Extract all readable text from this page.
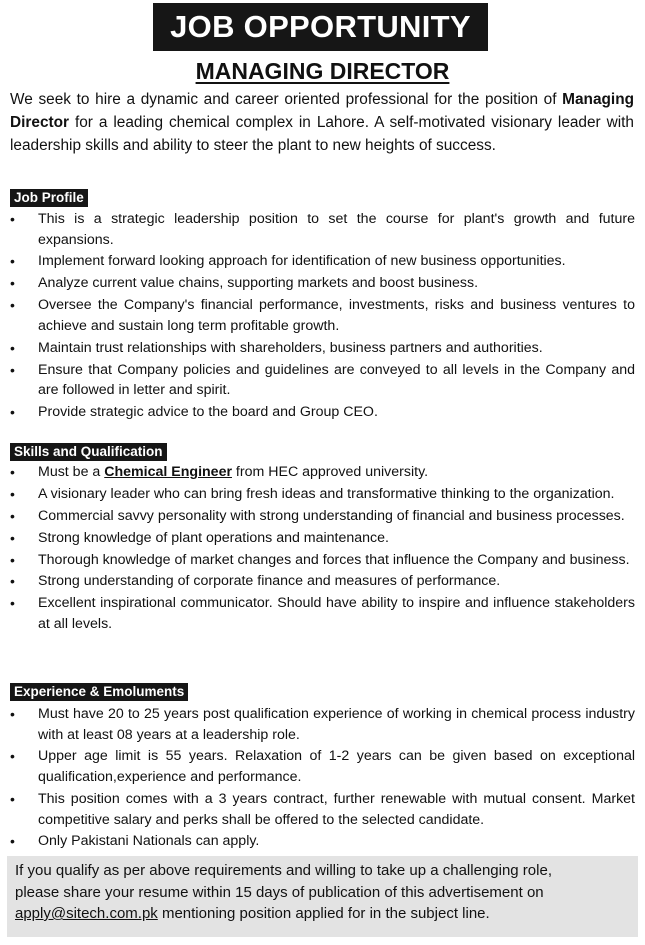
JOB OPPORTUNITY
MANAGING DIRECTOR

We seek to hire a dynamic and career oriented professional for the position of Managing Director for a leading chemical complex in Lahore. A self-motivated visionary leader with leadership skills and ability to steer the plant to new heights of success.

Job Profile
• This is a strategic leadership position to set the course for plant's growth and future expansions.
• Implement forward looking approach for identification of new business opportunities.
• Analyze current value chains, supporting markets and boost business.
• Oversee the Company's financial performance, investments, risks and business ventures to achieve and sustain long term profitable growth.
• Maintain trust relationships with shareholders, business partners and authorities.
• Ensure that Company policies and guidelines are conveyed to all levels in the Company and are followed in letter and spirit.
• Provide strategic advice to the board and Group CEO.
Skills and Qualification
• Must be a Chemical Engineer from HEC approved university.
• A visionary leader who can bring fresh ideas and transformative thinking to the organization.
• Commercial savvy personality with strong understanding of financial and business processes.
• Strong knowledge of plant operations and maintenance.
• Thorough knowledge of market changes and forces that influence the Company and business.
• Strong understanding of corporate finance and measures of performance.
• Excellent inspirational communicator. Should have ability to inspire and influence stakeholders at all levels.
Experience & Emoluments
• Must have 20 to 25 years post qualification experience of working in chemical process industry with at least 08 years at a leadership role.
• Upper age limit is 55 years. Relaxation of 1-2 years can be given based on exceptional qualification,experience and performance.
• This position comes with a 3 years contract, further renewable with mutual consent. Market competitive salary and perks shall be offered to the selected candidate.
• Only Pakistani Nationals can apply.
If you qualify as per above requirements and willing to take up a challenging role,
please share your resume within 15 days of publication of this advertisement on
apply@sitech.com.pk mentioning position applied for in the subject line.
